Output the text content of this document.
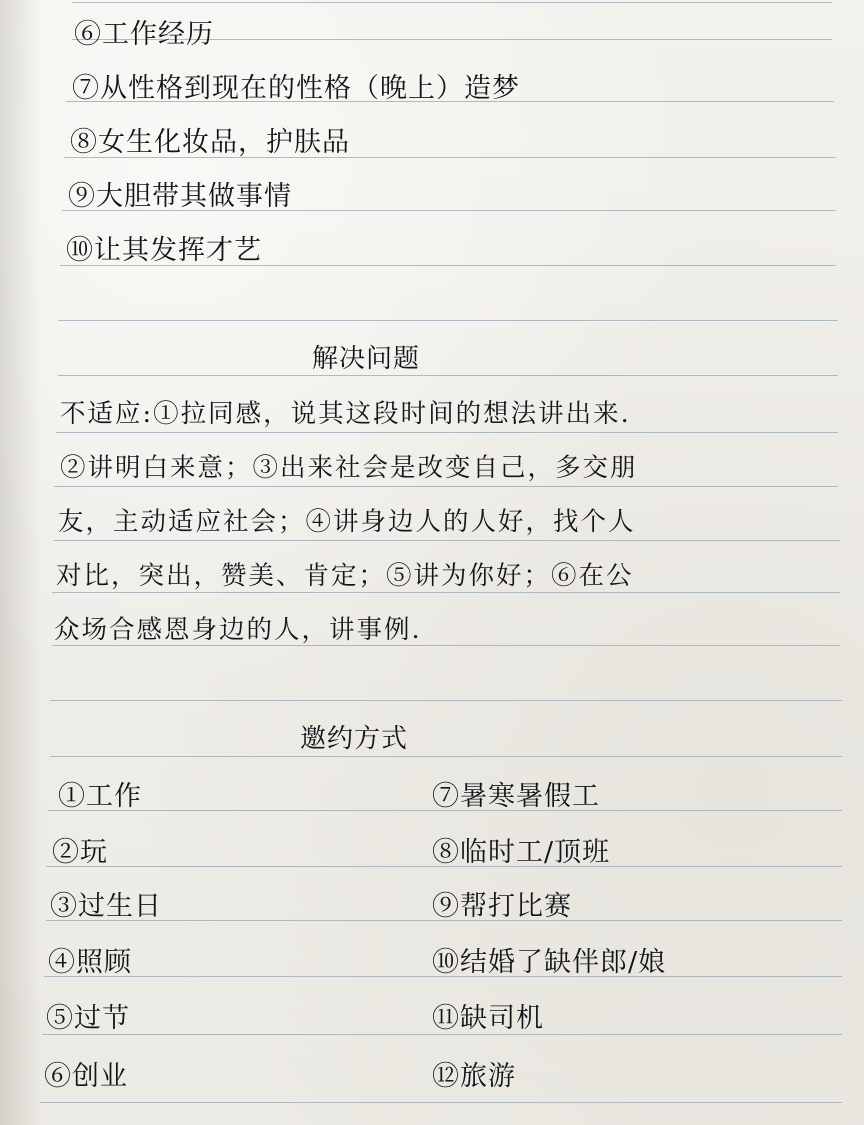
⑥工作经历
⑦从性格到现在的性格（晚上）造梦
⑧女生化妆品，护肤品
⑨大胆带其做事情
⑩让其发挥才艺
解决问题
不适应:①拉同感，说其这段时间的想法讲出来.
②讲明白来意；③出来社会是改变自己，多交朋
友，主动适应社会；④讲身边人的人好，找个人
对比，突出，赞美、肯定；⑤讲为你好；⑥在公
众场合感恩身边的人，讲事例.
邀约方式
①工作
②玩
③过生日
④照顾
⑤过节
⑥创业
⑦暑寒暑假工
⑧临时工/顶班
⑨帮打比赛
⑩结婚了缺伴郎/娘
⑪缺司机
⑫旅游
